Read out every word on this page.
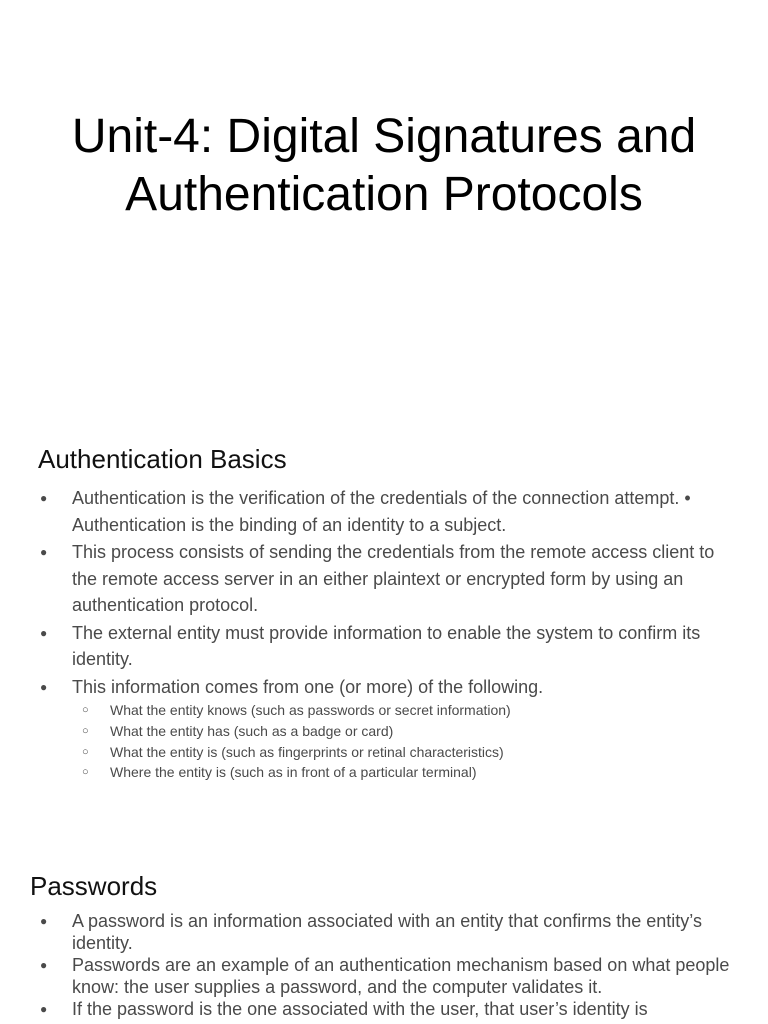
Unit-4: Digital Signatures and
Authentication Protocols
Authentication Basics
● Authentication is the verification of the credentials of the connection attempt. • Authentication is the binding of an identity to a subject.
● This process consists of sending the credentials from the remote access client to the remote access server in an either plaintext or encrypted form by using an authentication protocol.
● The external entity must provide information to enable the system to confirm its identity.
● This information comes from one (or more) of the following.
○ What the entity knows (such as passwords or secret information)
○ What the entity has (such as a badge or card)
○ What the entity is (such as fingerprints or retinal characteristics)
○ Where the entity is (such as in front of a particular terminal)
Passwords
● A password is an information associated with an entity that confirms the entity’s identity.
● Passwords are an example of an authentication mechanism based on what people know: the user supplies a password, and the computer validates it.
● If the password is the one associated with the user, that user’s identity is
